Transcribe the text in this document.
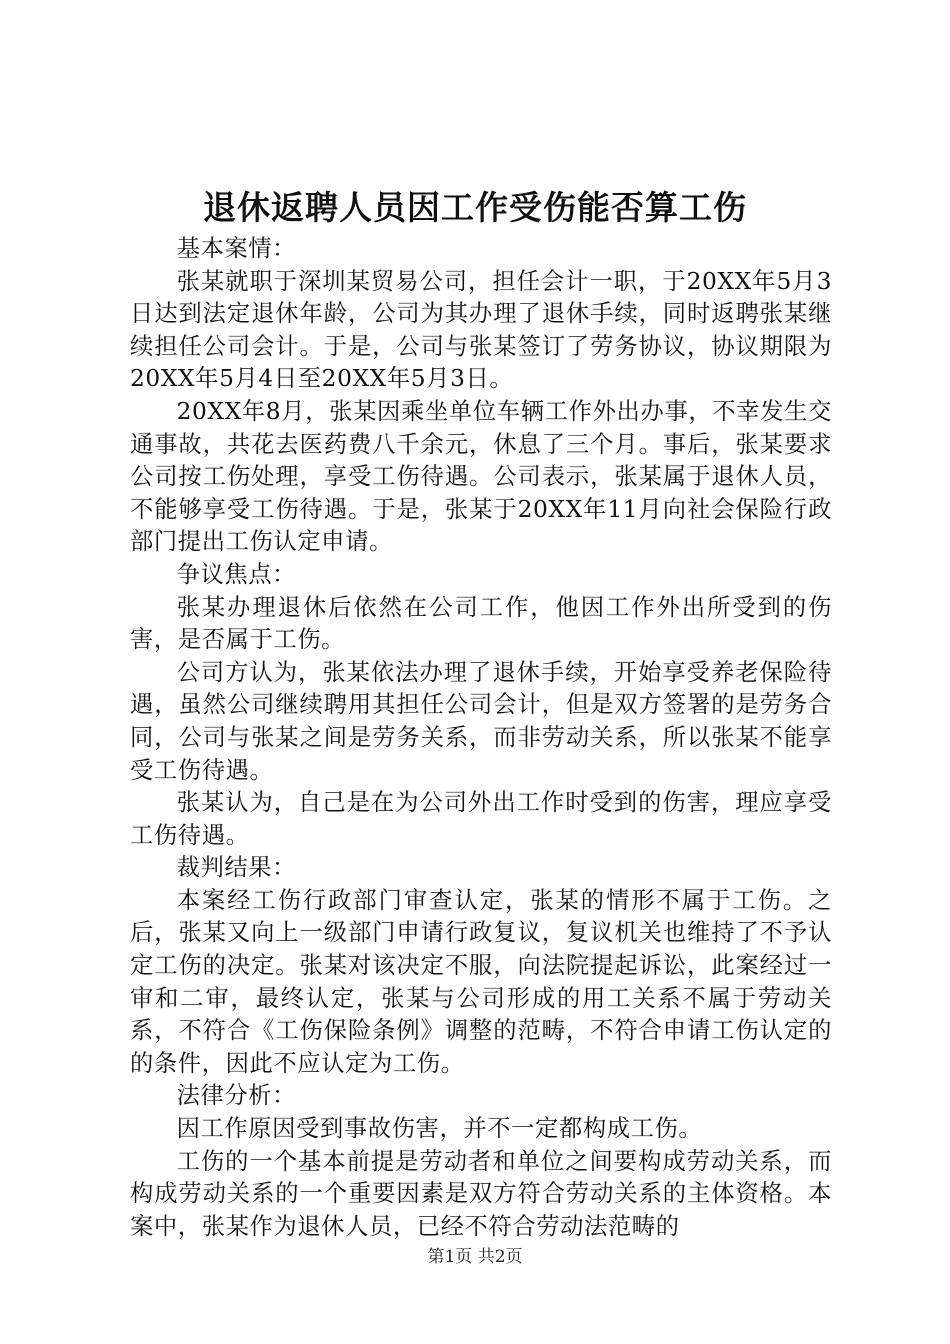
退休返聘人员因工作受伤能否算工伤

基本案情：

张某就职于深圳某贸易公司，担任会计一职，于20XX年5月3日达到法定退休年龄，公司为其办理了退休手续，同时返聘张某继续担任公司会计。于是，公司与张某签订了劳务协议，协议期限为20XX年5月4日至20XX年5月3日。

20XX年8月，张某因乘坐单位车辆工作外出办事，不幸发生交通事故，共花去医药费八千余元，休息了三个月。事后，张某要求公司按工伤处理，享受工伤待遇。公司表示，张某属于退休人员，不能够享受工伤待遇。于是，张某于20XX年11月向社会保险行政部门提出工伤认定申请。

争议焦点：

张某办理退休后依然在公司工作，他因工作外出所受到的伤害，是否属于工伤。

公司方认为，张某依法办理了退休手续，开始享受养老保险待遇，虽然公司继续聘用其担任公司会计，但是双方签署的是劳务合同，公司与张某之间是劳务关系，而非劳动关系，所以张某不能享受工伤待遇。

张某认为，自己是在为公司外出工作时受到的伤害，理应享受工伤待遇。

裁判结果：

本案经工伤行政部门审查认定，张某的情形不属于工伤。之后，张某又向上一级部门申请行政复议，复议机关也维持了不予认定工伤的决定。张某对该决定不服，向法院提起诉讼，此案经过一审和二审，最终认定，张某与公司形成的用工关系不属于劳动关系，不符合《工伤保险条例》调整的范畴，不符合申请工伤认定的的条件，因此不应认定为工伤。

法律分析：

因工作原因受到事故伤害，并不一定都构成工伤。

工伤的一个基本前提是劳动者和单位之间要构成劳动关系，而构成劳动关系的一个重要因素是双方符合劳动关系的主体资格。本案中，张某作为退休人员，已经不符合劳动法范畴的

第1页 共2页
